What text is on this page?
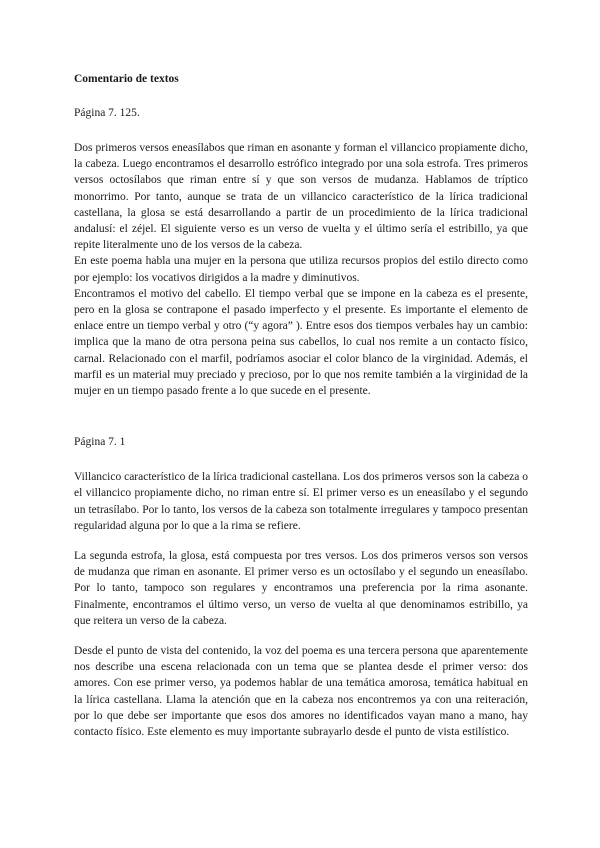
Comentario de textos

Página 7. 125.

Dos primeros versos eneasílabos que riman en asonante y forman el villancico propiamente dicho, la cabeza. Luego encontramos el desarrollo estrófico integrado por una sola estrofa. Tres primeros versos octosílabos que riman entre sí y que son versos de mudanza. Hablamos de tríptico monorrimo. Por tanto, aunque se trata de un villancico característico de la lírica tradicional castellana, la glosa se está desarrollando a partir de un procedimiento de la lírica tradicional andalusí: el zéjel. El siguiente verso es un verso de vuelta y el último sería el estribillo, ya que repite literalmente uno de los versos de la cabeza.

En este poema habla una mujer en la persona que utiliza recursos propios del estilo directo como por ejemplo: los vocativos dirigidos a la madre y diminutivos.

Encontramos el motivo del cabello. El tiempo verbal que se impone en la cabeza es el presente, pero en la glosa se contrapone el pasado imperfecto y el presente. Es importante el elemento de enlace entre un tiempo verbal y otro (“y agora” ). Entre esos dos tiempos verbales hay un cambio: implica que la mano de otra persona peina sus cabellos, lo cual nos remite a un contacto físico, carnal. Relacionado con el marfil, podríamos asociar el color blanco de la virginidad. Además, el marfil es un material muy preciado y precioso, por lo que nos remite también a la virginidad de la mujer en un tiempo pasado frente a lo que sucede en el presente.

Página 7. 1

Villancico característico de la lírica tradicional castellana. Los dos primeros versos son la cabeza o el villancico propiamente dicho, no riman entre sí. El primer verso es un eneasílabo y el segundo un tetrasílabo. Por lo tanto, los versos de la cabeza son totalmente irregulares y tampoco presentan regularidad alguna por lo que a la rima se refiere.

La segunda estrofa, la glosa, está compuesta por tres versos. Los dos primeros versos son versos de mudanza que riman en asonante. El primer verso es un octosílabo y el segundo un eneasílabo. Por lo tanto, tampoco son regulares y encontramos una preferencia por la rima asonante. Finalmente, encontramos el último verso, un verso de vuelta al que denominamos estribillo, ya que reitera un verso de la cabeza.

Desde el punto de vista del contenido, la voz del poema es una tercera persona que aparentemente nos describe una escena relacionada con un tema que se plantea desde el primer verso: dos amores. Con ese primer verso, ya podemos hablar de una temática amorosa, temática habitual en la lírica castellana. Llama la atención que en la cabeza nos encontremos ya con una reiteración, por lo que debe ser importante que esos dos amores no identificados vayan mano a mano, hay contacto físico. Este elemento es muy importante subrayarlo desde el punto de vista estilístico.
